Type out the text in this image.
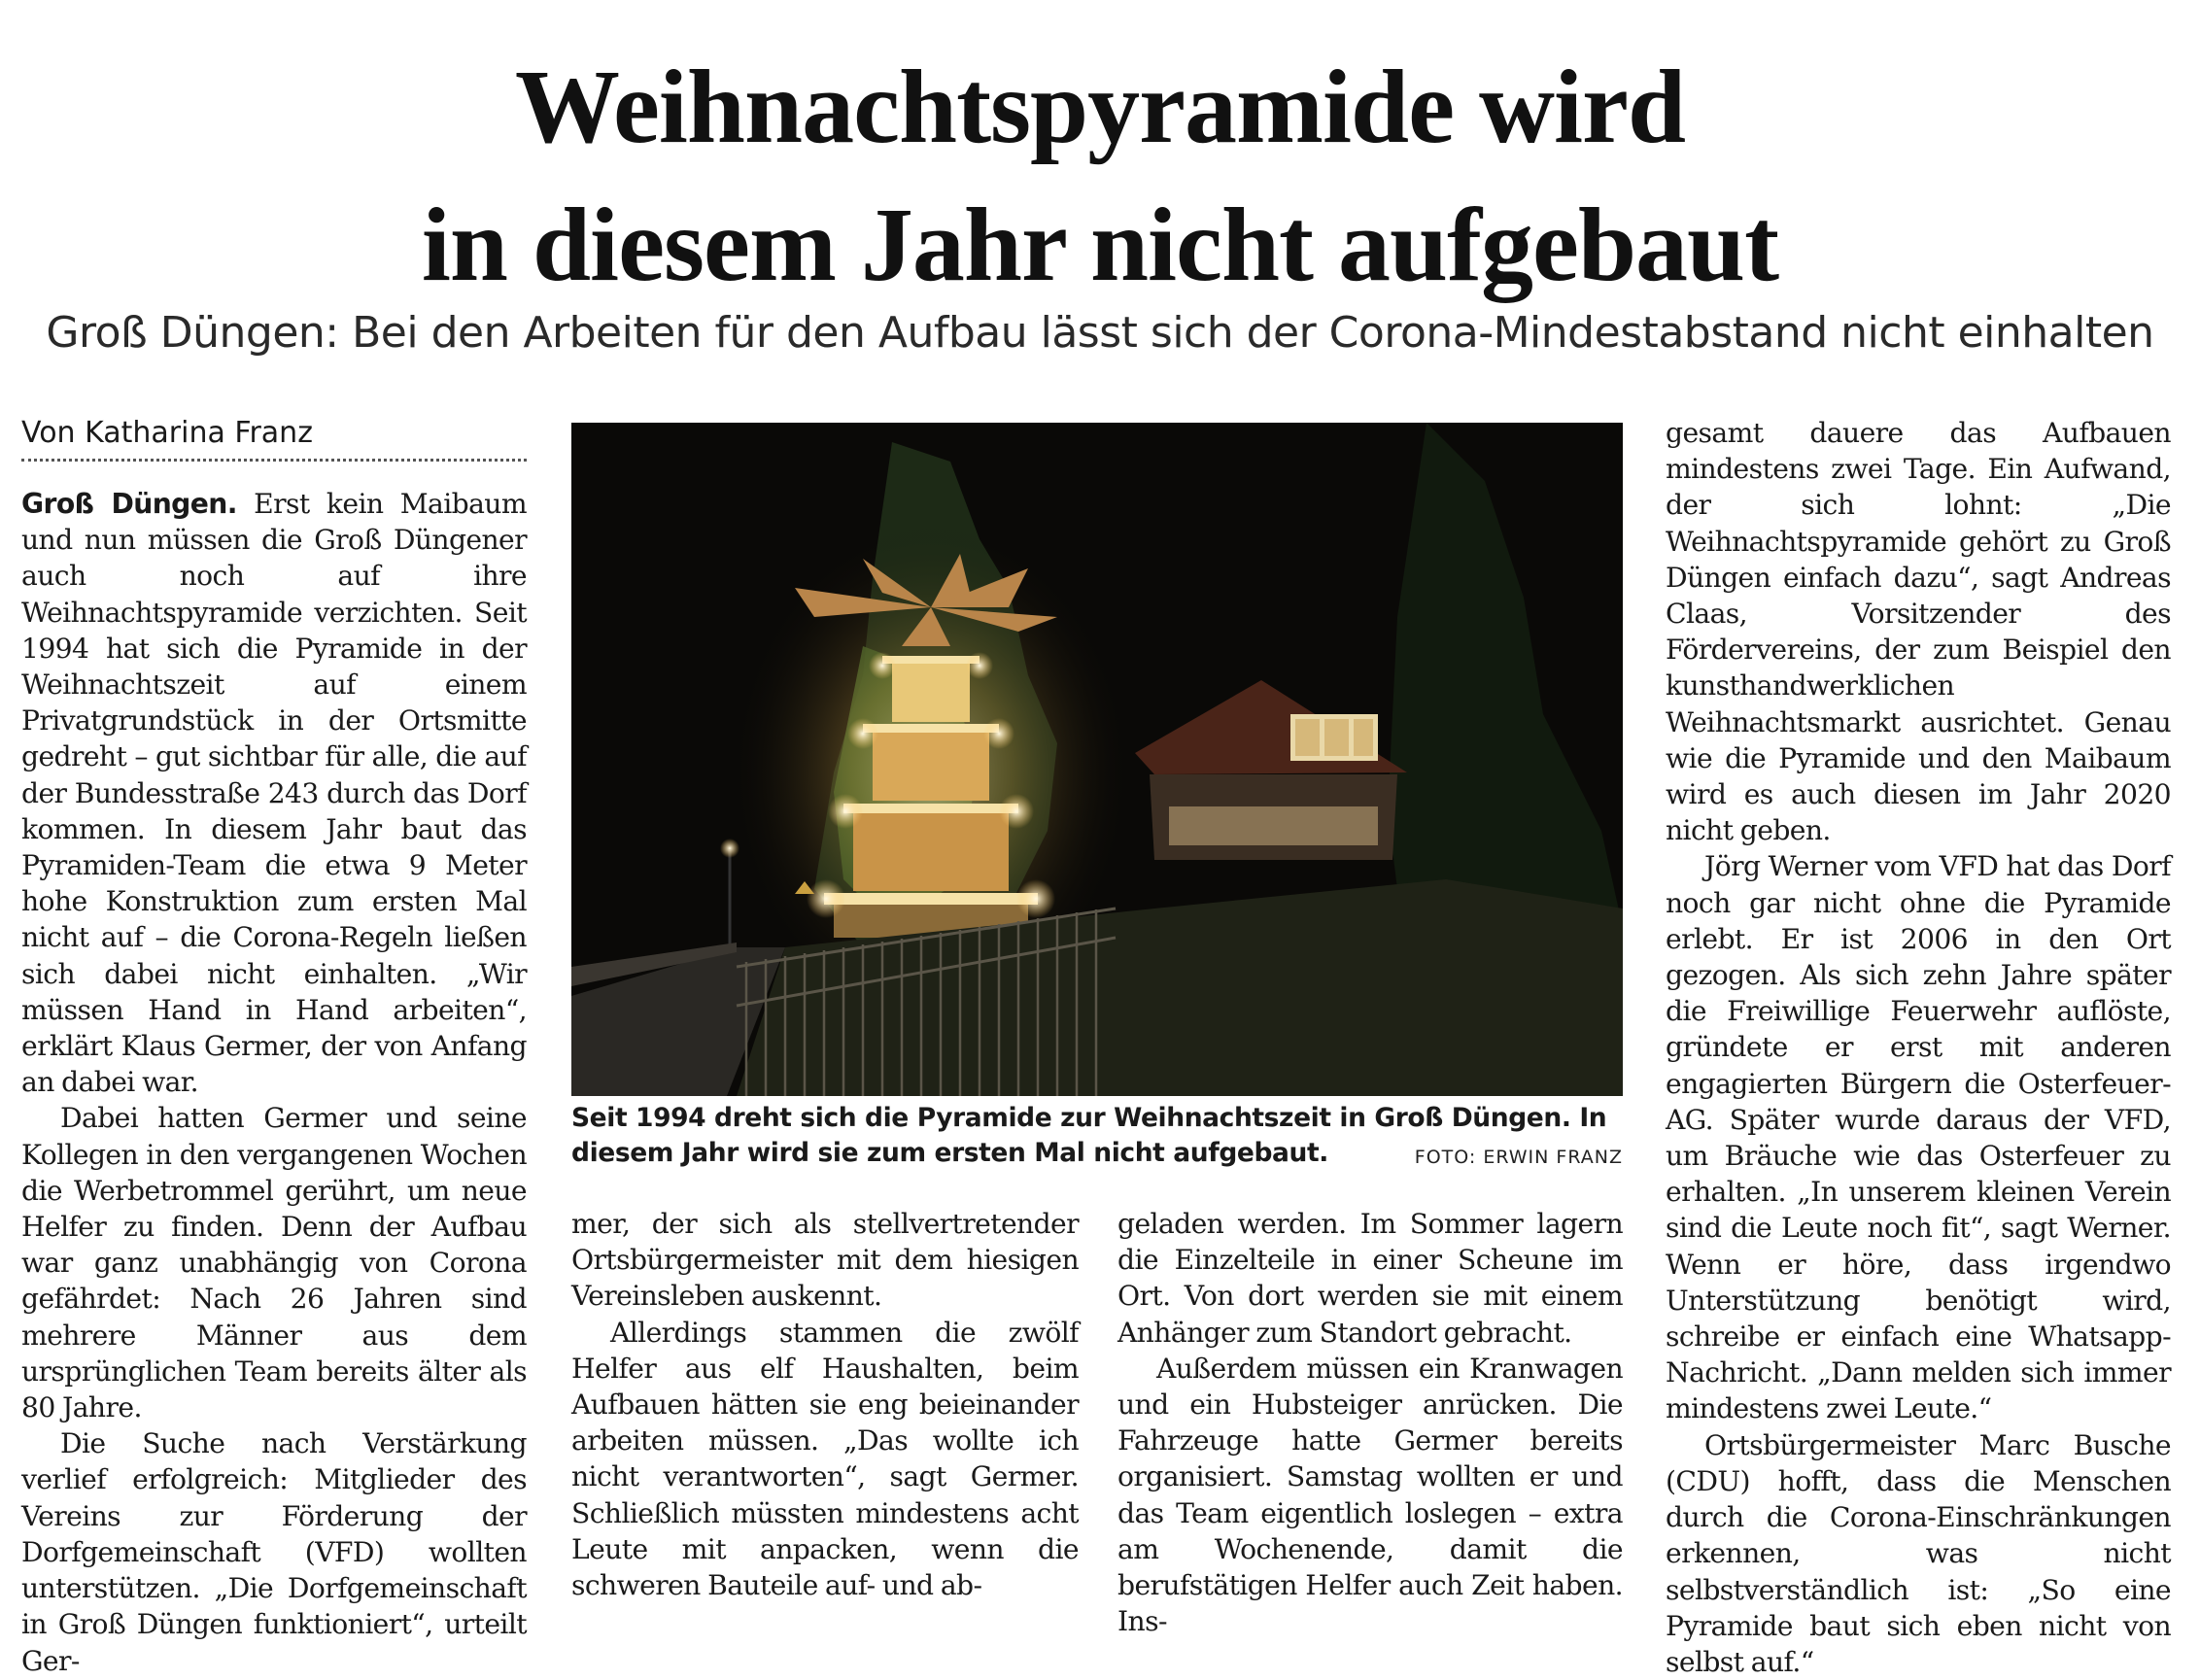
Weihnachtspyramide wird
in diesem Jahr nicht aufgebaut
Groß Düngen: Bei den Arbeiten für den Aufbau lässt sich der Corona-Mindestabstand nicht einhalten
Von Katharina Franz

Groß Düngen. Erst kein Maibaum und nun müssen die Groß Düngener auch noch auf ihre Weihnachtspyramide verzichten. Seit 1994 hat sich die Pyramide in der Weihnachtszeit auf einem Privatgrundstück in der Ortsmitte gedreht – gut sichtbar für alle, die auf der Bundesstraße 243 durch das Dorf kommen. In diesem Jahr baut das Pyramiden-Team die etwa 9 Meter hohe Konstruktion zum ersten Mal nicht auf – die Corona-Regeln ließen sich dabei nicht einhalten. „Wir müssen Hand in Hand arbeiten“, erklärt Klaus Germer, der von Anfang an dabei war.

Dabei hatten Germer und seine Kollegen in den vergangenen Wochen die Werbetrommel gerührt, um neue Helfer zu finden. Denn der Aufbau war ganz unabhängig von Corona gefährdet: Nach 26 Jahren sind mehrere Männer aus dem ursprünglichen Team bereits älter als 80 Jahre.

Die Suche nach Verstärkung verlief erfolgreich: Mitglieder des Vereins zur Förderung der Dorfgemeinschaft (VFD) wollten unterstützen. „Die Dorfgemeinschaft in Groß Düngen funktioniert“, urteilt Ger-

Seit 1994 dreht sich die Pyramide zur Weihnachtszeit in Groß Düngen. In diesem Jahr wird sie zum ersten Mal nicht aufgebaut.	FOTO: ERWIN FRANZ

mer, der sich als stellvertretender Ortsbürgermeister mit dem hiesigen Vereinsleben auskennt.

Allerdings stammen die zwölf Helfer aus elf Haushalten, beim Aufbauen hätten sie eng beieinander arbeiten müssen. „Das wollte ich nicht verantworten“, sagt Germer. Schließlich müssten mindestens acht Leute mit anpacken, wenn die schweren Bauteile auf- und ab-

geladen werden. Im Sommer lagern die Einzelteile in einer Scheune im Ort. Von dort werden sie mit einem Anhänger zum Standort gebracht.

Außerdem müssen ein Kranwagen und ein Hubsteiger anrücken. Die Fahrzeuge hatte Germer bereits organisiert. Samstag wollten er und das Team eigentlich loslegen – extra am Wochenende, damit die berufstätigen Helfer auch Zeit haben. Ins-

gesamt dauere das Aufbauen mindestens zwei Tage. Ein Aufwand, der sich lohnt: „Die Weihnachtspyramide gehört zu Groß Düngen einfach dazu“, sagt Andreas Claas, Vorsitzender des Fördervereins, der zum Beispiel den kunsthandwerklichen Weihnachtsmarkt ausrichtet. Genau wie die Pyramide und den Maibaum wird es auch diesen im Jahr 2020 nicht geben.

Jörg Werner vom VFD hat das Dorf noch gar nicht ohne die Pyramide erlebt. Er ist 2006 in den Ort gezogen. Als sich zehn Jahre später die Freiwillige Feuerwehr auflöste, gründete er erst mit anderen engagierten Bürgern die Osterfeuer-AG. Später wurde daraus der VFD, um Bräuche wie das Osterfeuer zu erhalten. „In unserem kleinen Verein sind die Leute noch fit“, sagt Werner. Wenn er höre, dass irgendwo Unterstützung benötigt wird, schreibe er einfach eine Whatsapp-Nachricht. „Dann melden sich immer mindestens zwei Leute.“

Ortsbürgermeister Marc Busche (CDU) hofft, dass die Menschen durch die Corona-Einschränkungen erkennen, was nicht selbstverständlich ist: „So eine Pyramide baut sich eben nicht von selbst auf.“
